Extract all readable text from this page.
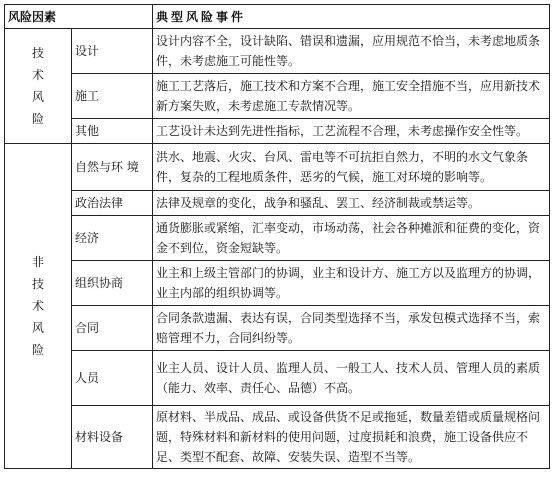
风险因素		典型风险事件

技
术
风
险	设计	设计内容不全，设计缺陷、错误和遗漏，应用规范不恰当，未考虑地质条件，未考虑施工可能性等。
	施工	施工工艺落后，施工技术和方案不合理，施工安全措施不当，应用新技术新方案失败，未考虑施工专款情况等。
	其他	工艺设计未达到先进性指标，工艺流程不合理，未考虑操作安全性等。

非
技
术
风
险	自然与环 境	洪水、地震、火灾、台风、雷电等不可抗拒自然力，不明的水文气象条件，复杂的工程地质条件，恶劣的气候，施工对环境的影响等。
	政治法律	法律及规章的变化，战争和骚乱、罢工、经济制裁或禁运等。
	经济	通货膨胀或紧缩，汇率变动，市场动荡，社会各种摊派和征费的变化，资金不到位，资金短缺等。
	组织协商	业主和上级主管部门的协调，业主和设计方、施工方以及监理方的协调，业主内部的组织协调等。
	合同	合同条款遗漏、表达有误，合同类型选择不当，承发包模式选择不当，索赔管理不力，合同纠纷等。
	人员	业主人员、设计人员、监理人员、一般工人、技术人员、管理人员的素质（能力、效率、责任心、品德）不高。
	材料设备	原材料、半成品、成品、或设备供货不足或拖延，数量差错或质量规格问题，特殊材料和新材料的使用问题，过度损耗和浪费，施工设备供应不足、类型不配套、故障、安装失误、造型不当等。
